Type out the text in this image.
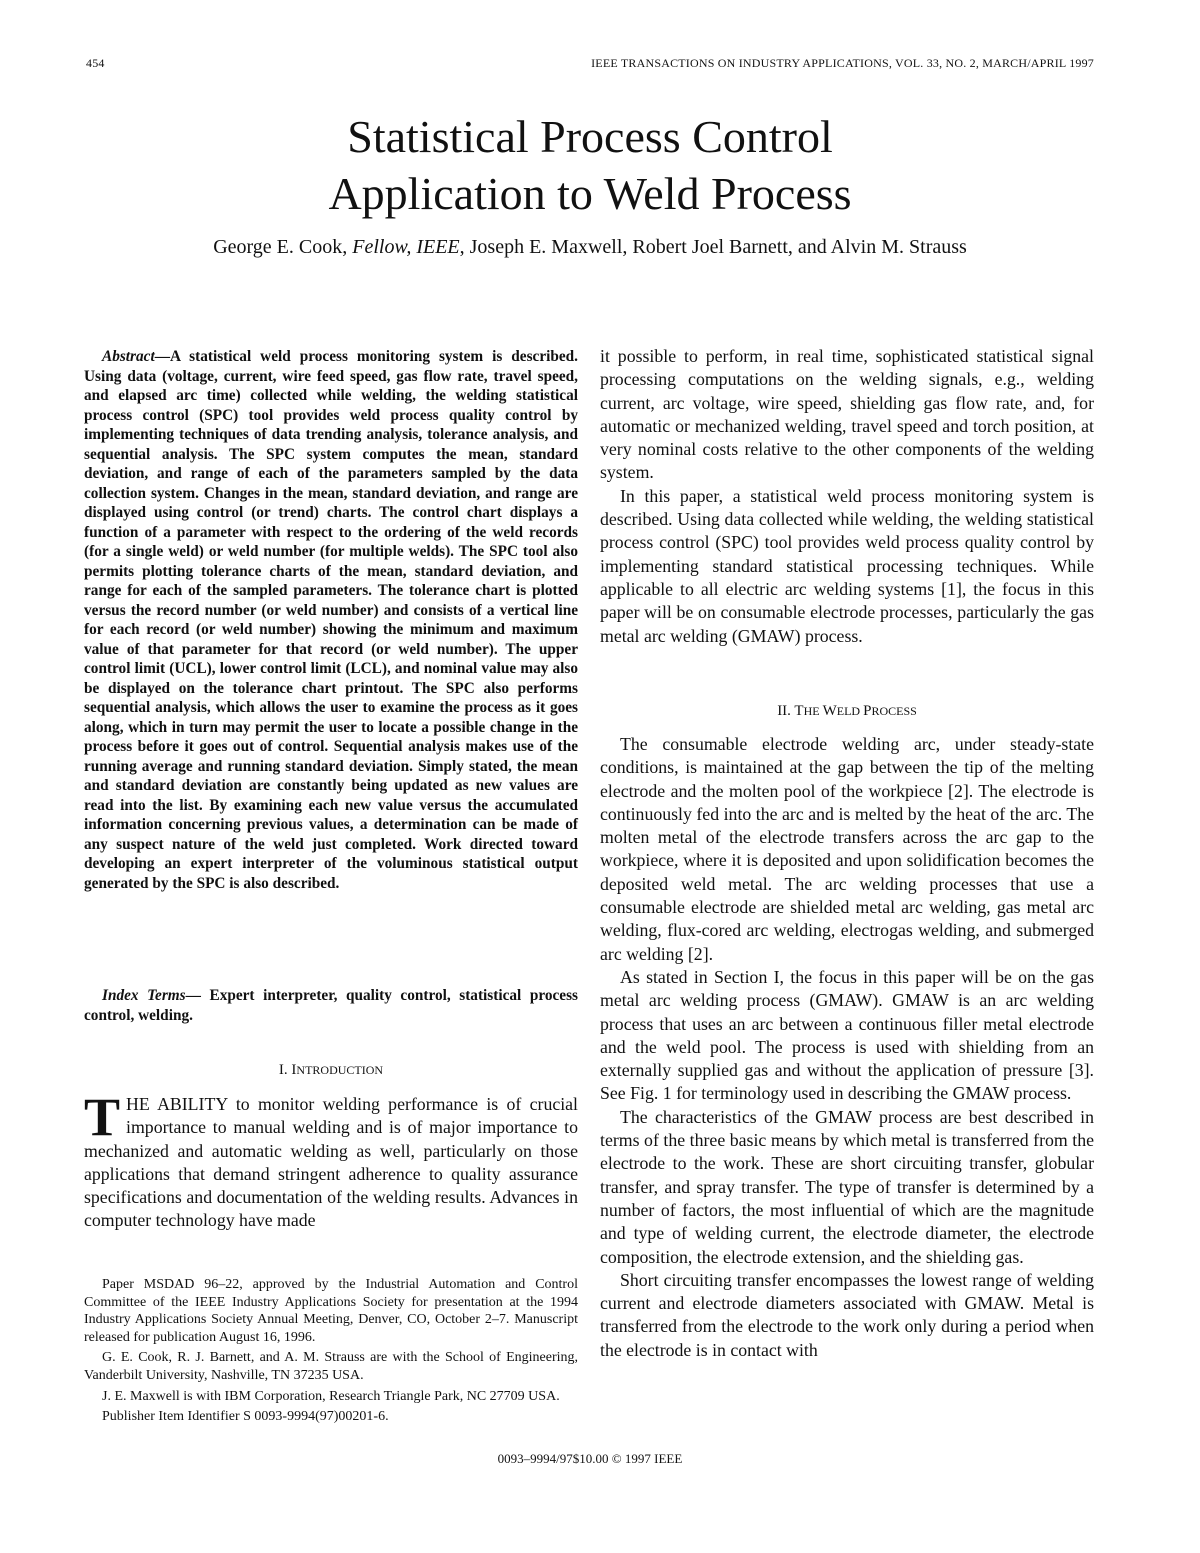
454	IEEE TRANSACTIONS ON INDUSTRY APPLICATIONS, VOL. 33, NO. 2, MARCH/APRIL 1997
Statistical Process Control
Application to Weld Process
George E. Cook, Fellow, IEEE, Joseph E. Maxwell, Robert Joel Barnett, and Alvin M. Strauss

Abstract—A statistical weld process monitoring system is described. Using data (voltage, current, wire feed speed, gas flow rate, travel speed, and elapsed arc time) collected while welding, the welding statistical process control (SPC) tool provides weld process quality control by implementing techniques of data trending analysis, tolerance analysis, and sequential analysis. The SPC system computes the mean, standard deviation, and range of each of the parameters sampled by the data collection system. Changes in the mean, standard deviation, and range are displayed using control (or trend) charts. The control chart displays a function of a parameter with respect to the ordering of the weld records (for a single weld) or weld number (for multiple welds). The SPC tool also permits plotting tolerance charts of the mean, standard deviation, and range for each of the sampled parameters. The tolerance chart is plotted versus the record number (or weld number) and consists of a vertical line for each record (or weld number) showing the minimum and maximum value of that parameter for that record (or weld number). The upper control limit (UCL), lower control limit (LCL), and nominal value may also be displayed on the tolerance chart printout. The SPC also performs sequential analysis, which allows the user to examine the process as it goes along, which in turn may permit the user to locate a possible change in the process before it goes out of control. Sequential analysis makes use of the running average and running standard deviation. Simply stated, the mean and standard deviation are constantly being updated as new values are read into the list. By examining each new value versus the accumulated information concerning previous values, a determination can be made of any suspect nature of the weld just completed. Work directed toward developing an expert interpreter of the voluminous statistical output generated by the SPC is also described.

Index Terms— Expert interpreter, quality control, statistical process control, welding.

I. INTRODUCTION

THE ABILITY to monitor welding performance is of crucial importance to manual welding and is of major importance to mechanized and automatic welding as well, particularly on those applications that demand stringent adherence to quality assurance specifications and documentation of the welding results. Advances in computer technology have made

Paper MSDAD 96–22, approved by the Industrial Automation and Control Committee of the IEEE Industry Applications Society for presentation at the 1994 Industry Applications Society Annual Meeting, Denver, CO, October 2–7. Manuscript released for publication August 16, 1996.

G. E. Cook, R. J. Barnett, and A. M. Strauss are with the School of Engineering, Vanderbilt University, Nashville, TN 37235 USA.

J. E. Maxwell is with IBM Corporation, Research Triangle Park, NC 27709 USA.

Publisher Item Identifier S 0093-9994(97)00201-6.

it possible to perform, in real time, sophisticated statistical signal processing computations on the welding signals, e.g., welding current, arc voltage, wire speed, shielding gas flow rate, and, for automatic or mechanized welding, travel speed and torch position, at very nominal costs relative to the other components of the welding system.

In this paper, a statistical weld process monitoring system is described. Using data collected while welding, the welding statistical process control (SPC) tool provides weld process quality control by implementing standard statistical processing techniques. While applicable to all electric arc welding systems [1], the focus in this paper will be on consumable electrode processes, particularly the gas metal arc welding (GMAW) process.

II. THE WELD PROCESS

The consumable electrode welding arc, under steady-state conditions, is maintained at the gap between the tip of the melting electrode and the molten pool of the workpiece [2]. The electrode is continuously fed into the arc and is melted by the heat of the arc. The molten metal of the electrode transfers across the arc gap to the workpiece, where it is deposited and upon solidification becomes the deposited weld metal. The arc welding processes that use a consumable electrode are shielded metal arc welding, gas metal arc welding, flux-cored arc welding, electrogas welding, and submerged arc welding [2].

As stated in Section I, the focus in this paper will be on the gas metal arc welding process (GMAW). GMAW is an arc welding process that uses an arc between a continuous filler metal electrode and the weld pool. The process is used with shielding from an externally supplied gas and without the application of pressure [3]. See Fig. 1 for terminology used in describing the GMAW process.

The characteristics of the GMAW process are best described in terms of the three basic means by which metal is transferred from the electrode to the work. These are short circuiting transfer, globular transfer, and spray transfer. The type of transfer is determined by a number of factors, the most influential of which are the magnitude and type of welding current, the electrode diameter, the electrode composition, the electrode extension, and the shielding gas.

Short circuiting transfer encompasses the lowest range of welding current and electrode diameters associated with GMAW. Metal is transferred from the electrode to the work only during a period when the electrode is in contact with

0093–9994/97$10.00 © 1997 IEEE
